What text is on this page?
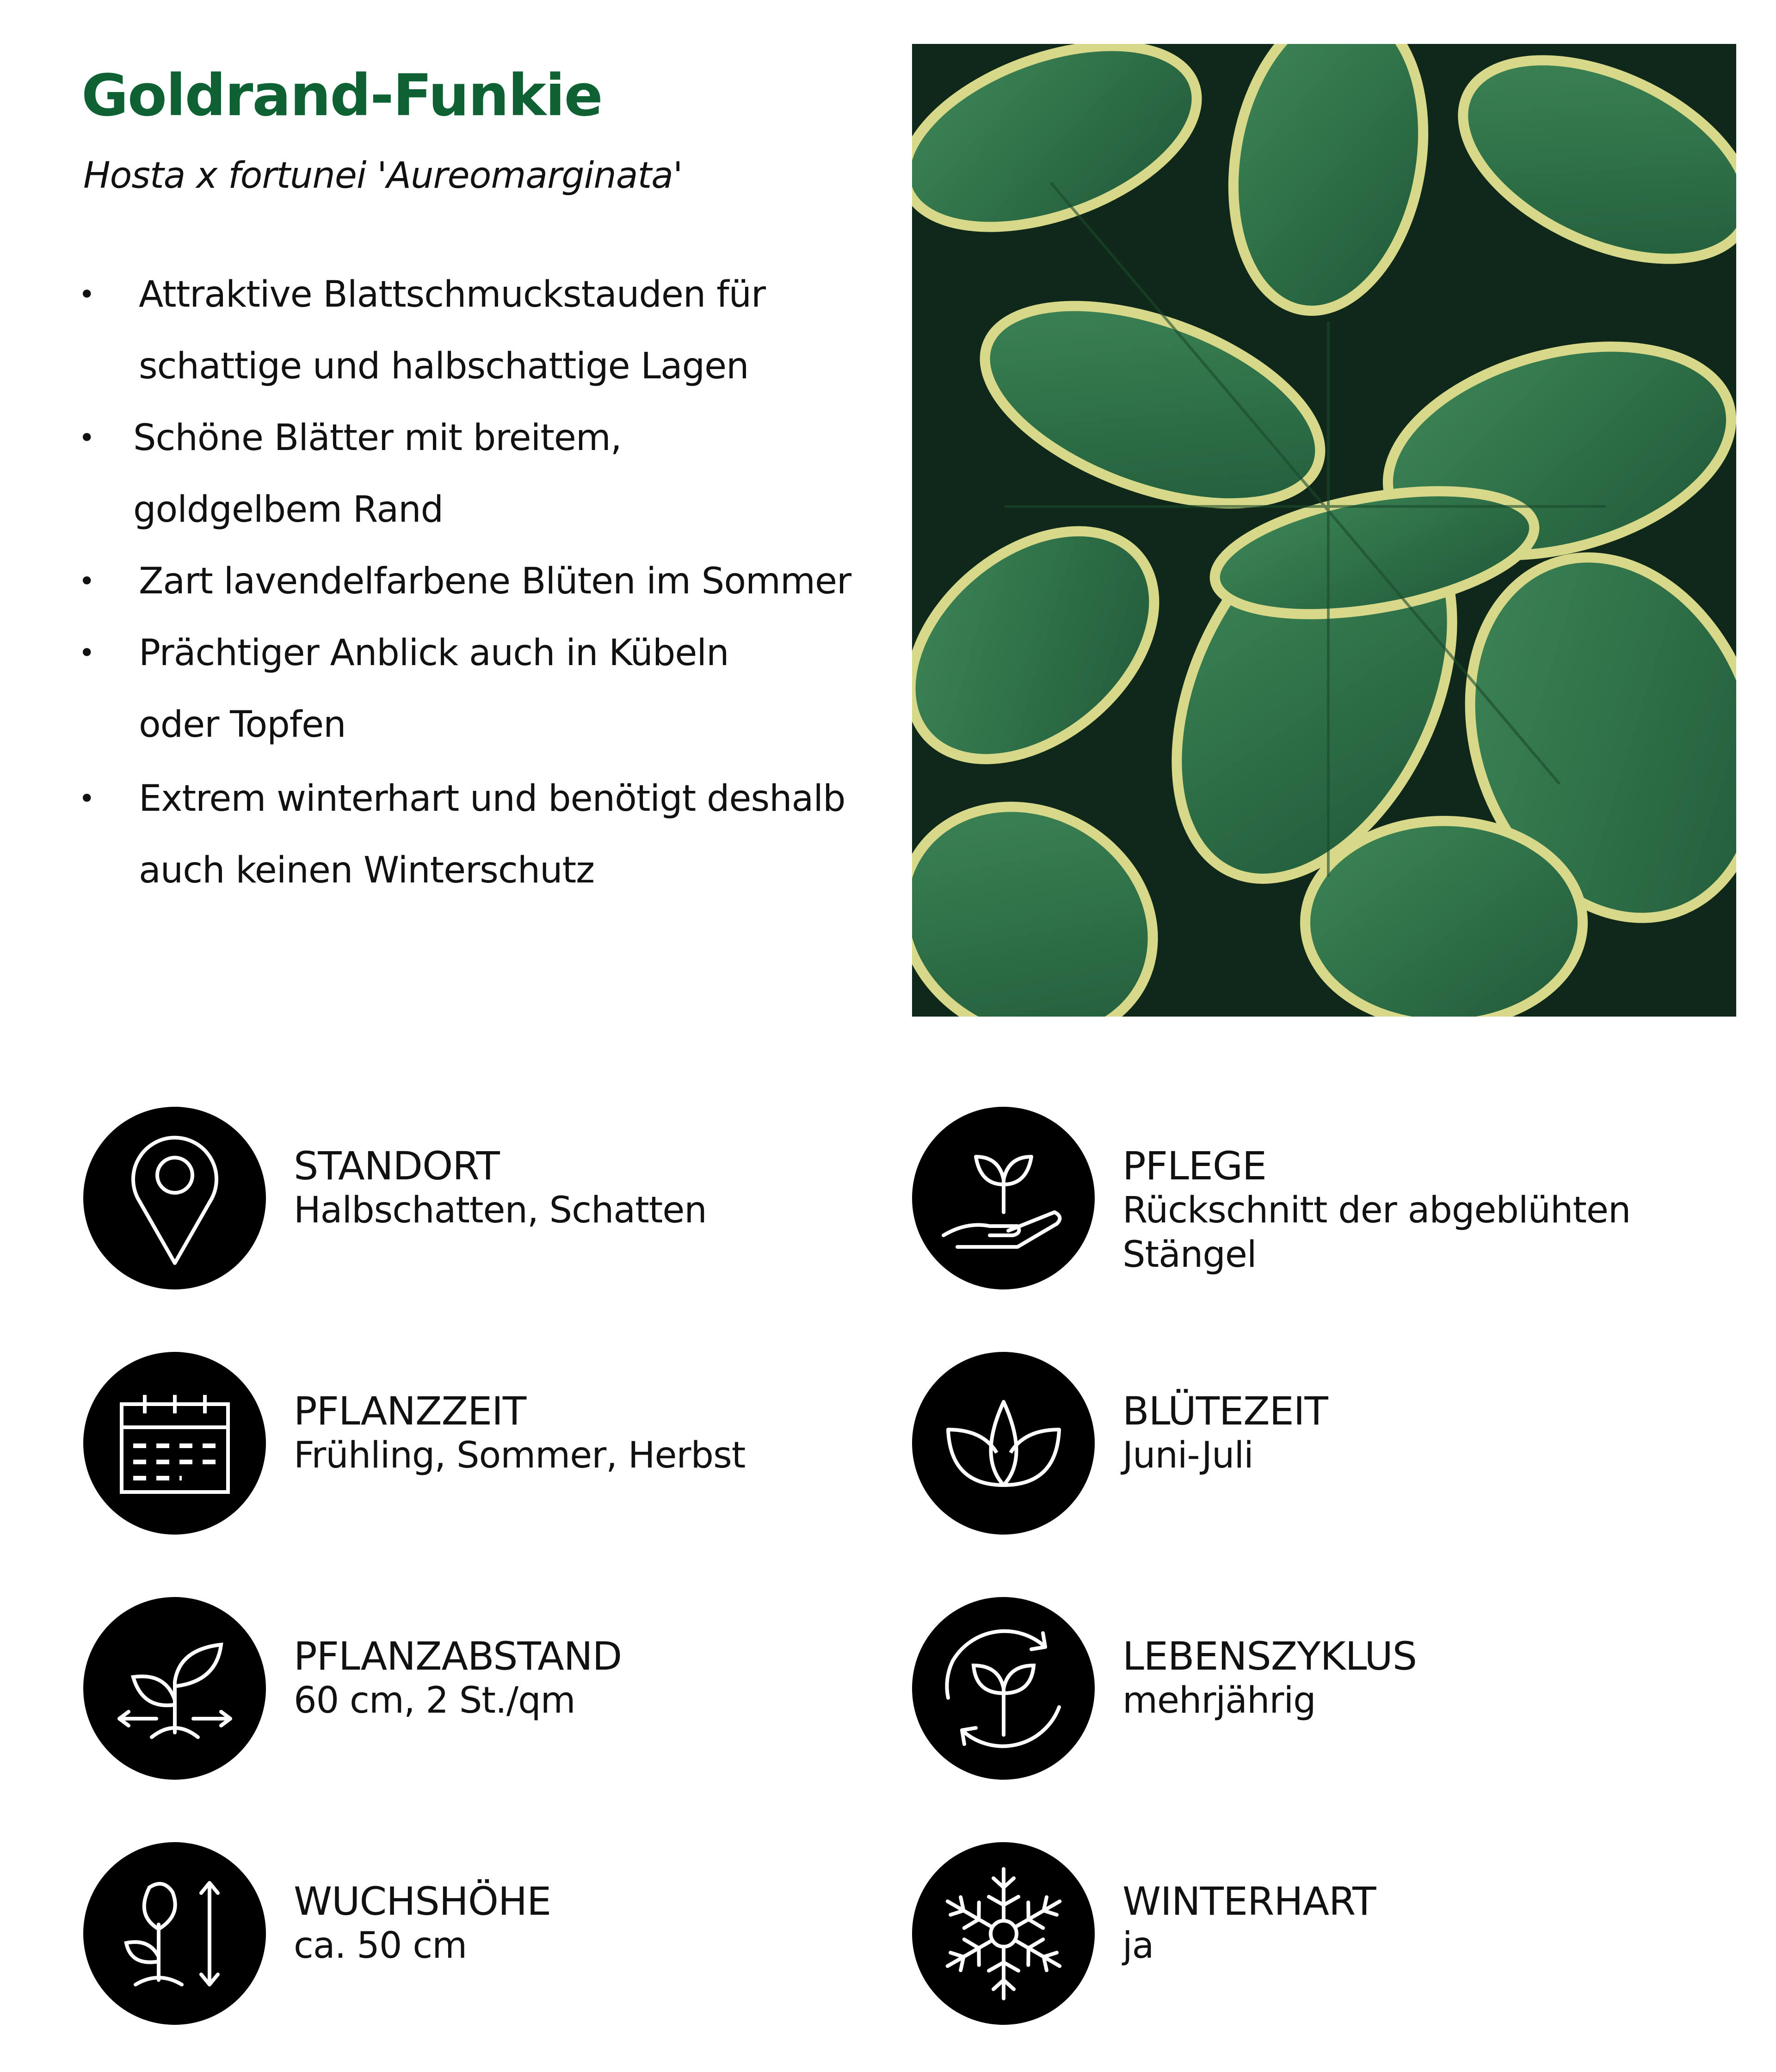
Goldrand-Funkie
Hosta x fortunei 'Aureomarginata'
• Attraktive Blattschmuckstauden für
schattige und halbschattige Lagen
• Schöne Blätter mit breitem,
goldgelbem Rand
• Zart lavendelfarbene Blüten im Sommer
• Prächtiger Anblick auch in Kübeln
oder Topfen
• Extrem winterhart und benötigt deshalb
auch keinen Winterschutz
STANDORT
Halbschatten, Schatten
PFLANZZEIT
Frühling, Sommer, Herbst
PFLANZABSTAND
60 cm, 2 St./qm
WUCHSHÖHE
ca. 50 cm
PFLEGE
Rückschnitt der abgeblühten
Stängel
BLÜTEZEIT
Juni-Juli
LEBENSZYKLUS
mehrjährig
WINTERHART
ja
